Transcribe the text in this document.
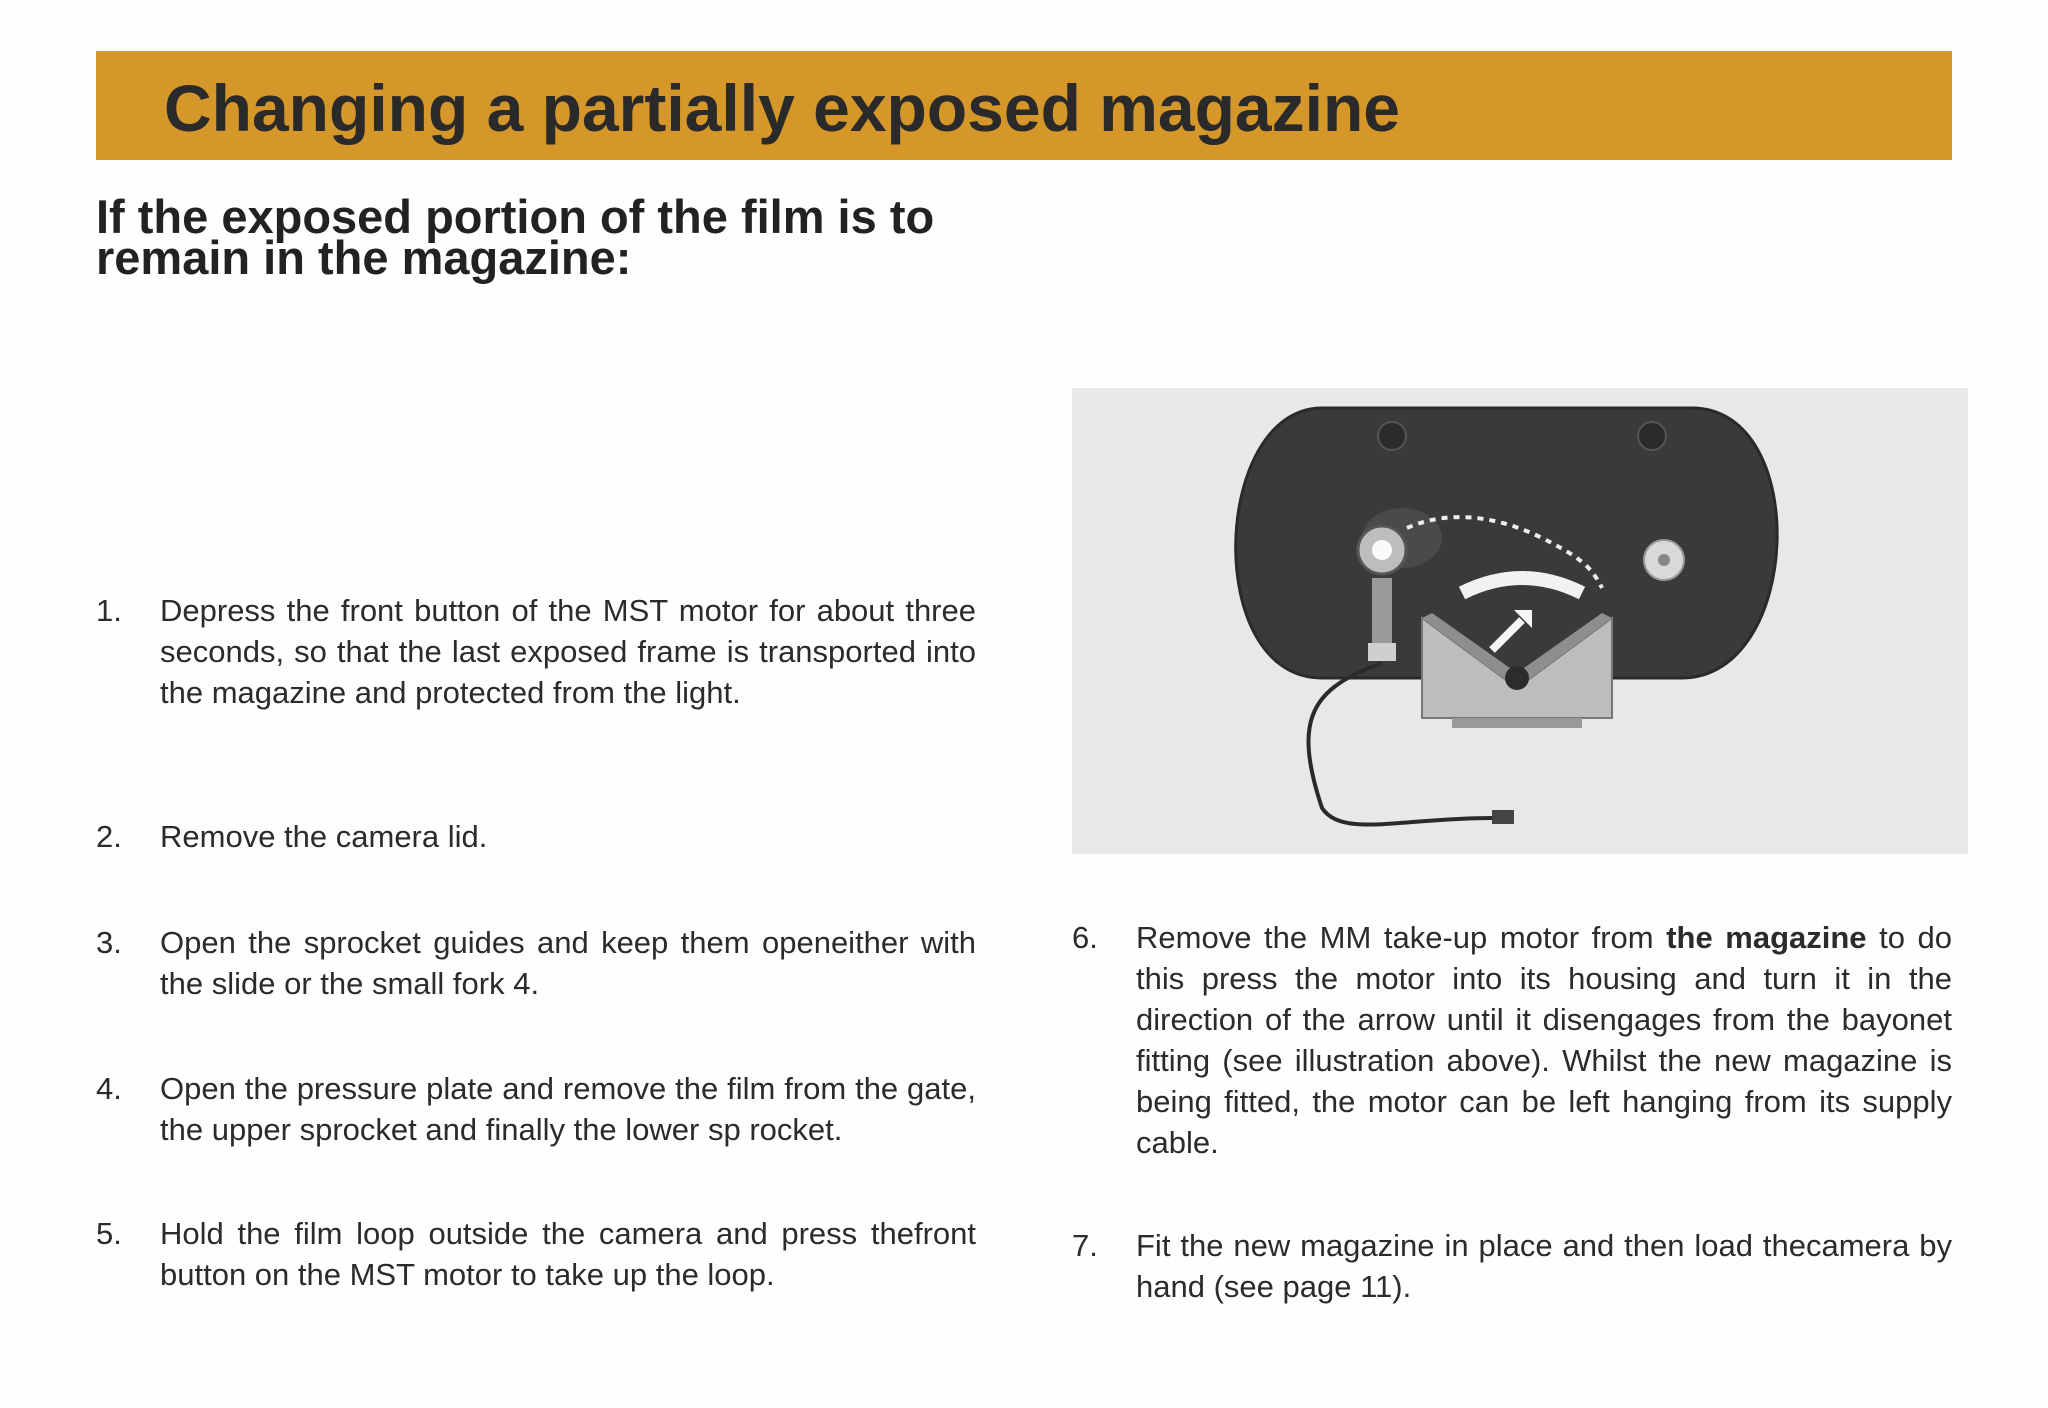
Changing a partially exposed magazine
If the exposed portion of the film is to remain in the magazine:
1.	Depress the front button of the MST motor for about three seconds, so that the last exposed frame is transported into the magazine and protected from the light.
2.	Remove the camera lid.
3.	Open the sprocket guides and keep them openeither with the slide or the small fork 4.
4.	Open the pressure plate and remove the film from the gate, the upper sprocket and finally the lower sp rocket.
5.	Hold the film loop outside the camera and press thefront button on the MST motor to take up the loop.
6.	Remove the MM take-up motor from the magazine to do this press the motor into its housing and turn it in the direction of the arrow until it disengages from the bayonet fitting (see illustration above). Whilst the new magazine is being fitted, the motor can be left hanging from its supply cable.
7.	Fit the new magazine in place and then load thecamera by hand (see page 11).
